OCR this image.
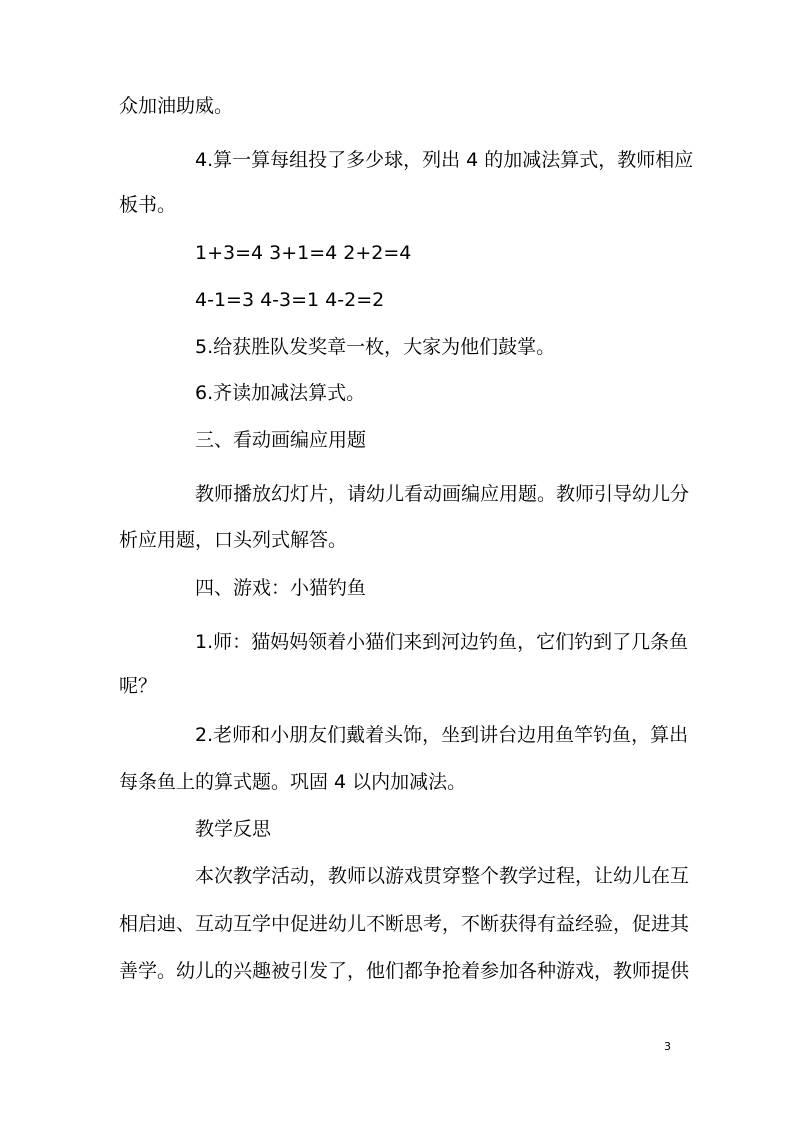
众加油助威。
4.算一算每组投了多少球，列出 4 的加减法算式，教师相应
板书。
1+3=4 3+1=4 2+2=4
4-1=3 4-3=1 4-2=2
5.给获胜队发奖章一枚，大家为他们鼓掌。
6.齐读加减法算式。
三、看动画编应用题
教师播放幻灯片，请幼儿看动画编应用题。教师引导幼儿分
析应用题，口头列式解答。
四、游戏：小猫钓鱼
1.师：猫妈妈领着小猫们来到河边钓鱼，它们钓到了几条鱼
呢？
2.老师和小朋友们戴着头饰，坐到讲台边用鱼竿钓鱼，算出
每条鱼上的算式题。巩固 4 以内加减法。
教学反思
本次教学活动，教师以游戏贯穿整个教学过程，让幼儿在互
相启迪、互动互学中促进幼儿不断思考，不断获得有益经验，促进其
善学。幼儿的兴趣被引发了，他们都争抢着参加各种游戏，教师提供
3
